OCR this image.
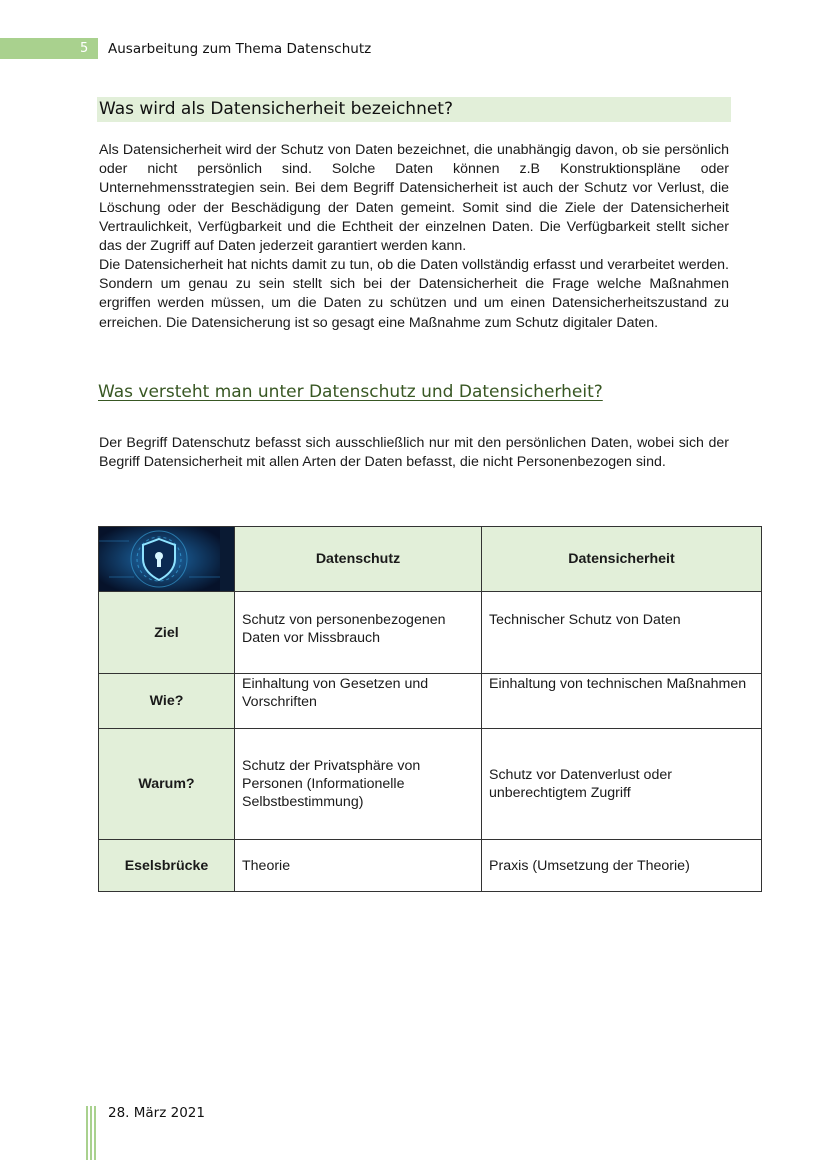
5 Ausarbeitung zum Thema Datenschutz
Was wird als Datensicherheit bezeichnet?
Als Datensicherheit wird der Schutz von Daten bezeichnet, die unabhängig davon, ob sie persönlich oder nicht persönlich sind. Solche Daten können z.B Konstruktionspläne oder Unternehmensstrategien sein. Bei dem Begriff Datensicherheit ist auch der Schutz vor Verlust, die Löschung oder der Beschädigung der Daten gemeint. Somit sind die Ziele der Datensicherheit Vertraulichkeit, Verfügbarkeit und die Echtheit der einzelnen Daten. Die Verfügbarkeit stellt sicher das der Zugriff auf Daten jederzeit garantiert werden kann.
Die Datensicherheit hat nichts damit zu tun, ob die Daten vollständig erfasst und verarbeitet werden. Sondern um genau zu sein stellt sich bei der Datensicherheit die Frage welche Maßnahmen ergriffen werden müssen, um die Daten zu schützen und um einen Datensicherheitszustand zu erreichen. Die Datensicherung ist so gesagt eine Maßnahme zum Schutz digitaler Daten.
Was versteht man unter Datenschutz und Datensicherheit?
Der Begriff Datenschutz befasst sich ausschließlich nur mit den persönlichen Daten, wobei sich der Begriff Datensicherheit mit allen Arten der Daten befasst, die nicht Personenbezogen sind.
	Datenschutz	Datensicherheit
Ziel	Schutz von personenbezogenen Daten vor Missbrauch	Technischer Schutz von Daten
Wie?	Einhaltung von Gesetzen und Vorschriften	Einhaltung von technischen Maßnahmen
Warum?	Schutz der Privatsphäre von Personen (Informationelle Selbstbestimmung)	Schutz vor Datenverlust oder unberechtigtem Zugriff
Eselsbrücke	Theorie	Praxis (Umsetzung der Theorie)
28. März 2021
